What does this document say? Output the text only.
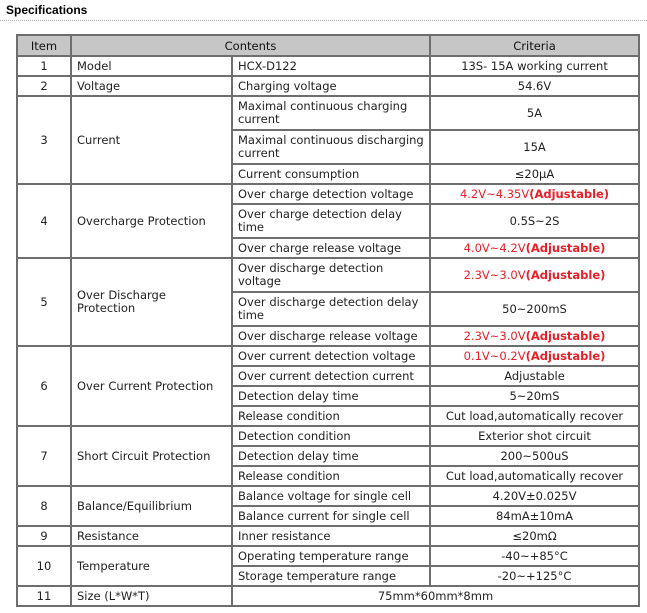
Specifications
Item	Contents		Criteria
1	Model	HCX-D122	13S- 15A working current
2	Voltage	Charging voltage	54.6V
3	Current	Maximal continuous charging current	5A
		Maximal continuous discharging current	15A
		Current consumption	≤20μA
4	Overcharge Protection	Over charge detection voltage	4.2V~4.35V(Adjustable)
		Over charge detection delay time	0.5S~2S
		Over charge release voltage	4.0V~4.2V(Adjustable)
5	Over Discharge Protection	Over discharge detection voltage	2.3V~3.0V(Adjustable)
		Over discharge detection delay time	50~200mS
		Over discharge release voltage	2.3V~3.0V(Adjustable)
6	Over Current Protection	Over current detection voltage	0.1V~0.2V(Adjustable)
		Over current detection current	Adjustable
		Detection delay time	5~20mS
		Release condition	Cut load,automatically recover
7	Short Circuit Protection	Detection condition	Exterior shot circuit
		Detection delay time	200~500uS
		Release condition	Cut load,automatically recover
8	Balance/Equilibrium	Balance voltage for single cell	4.20V±0.025V
		Balance current for single cell	84mA±10mA
9	Resistance	Inner resistance	≤20mΩ
10	Temperature	Operating temperature range	-40~+85°C
		Storage temperature range	-20~+125°C
11	Size (L*W*T)	75mm*60mm*8mm	
